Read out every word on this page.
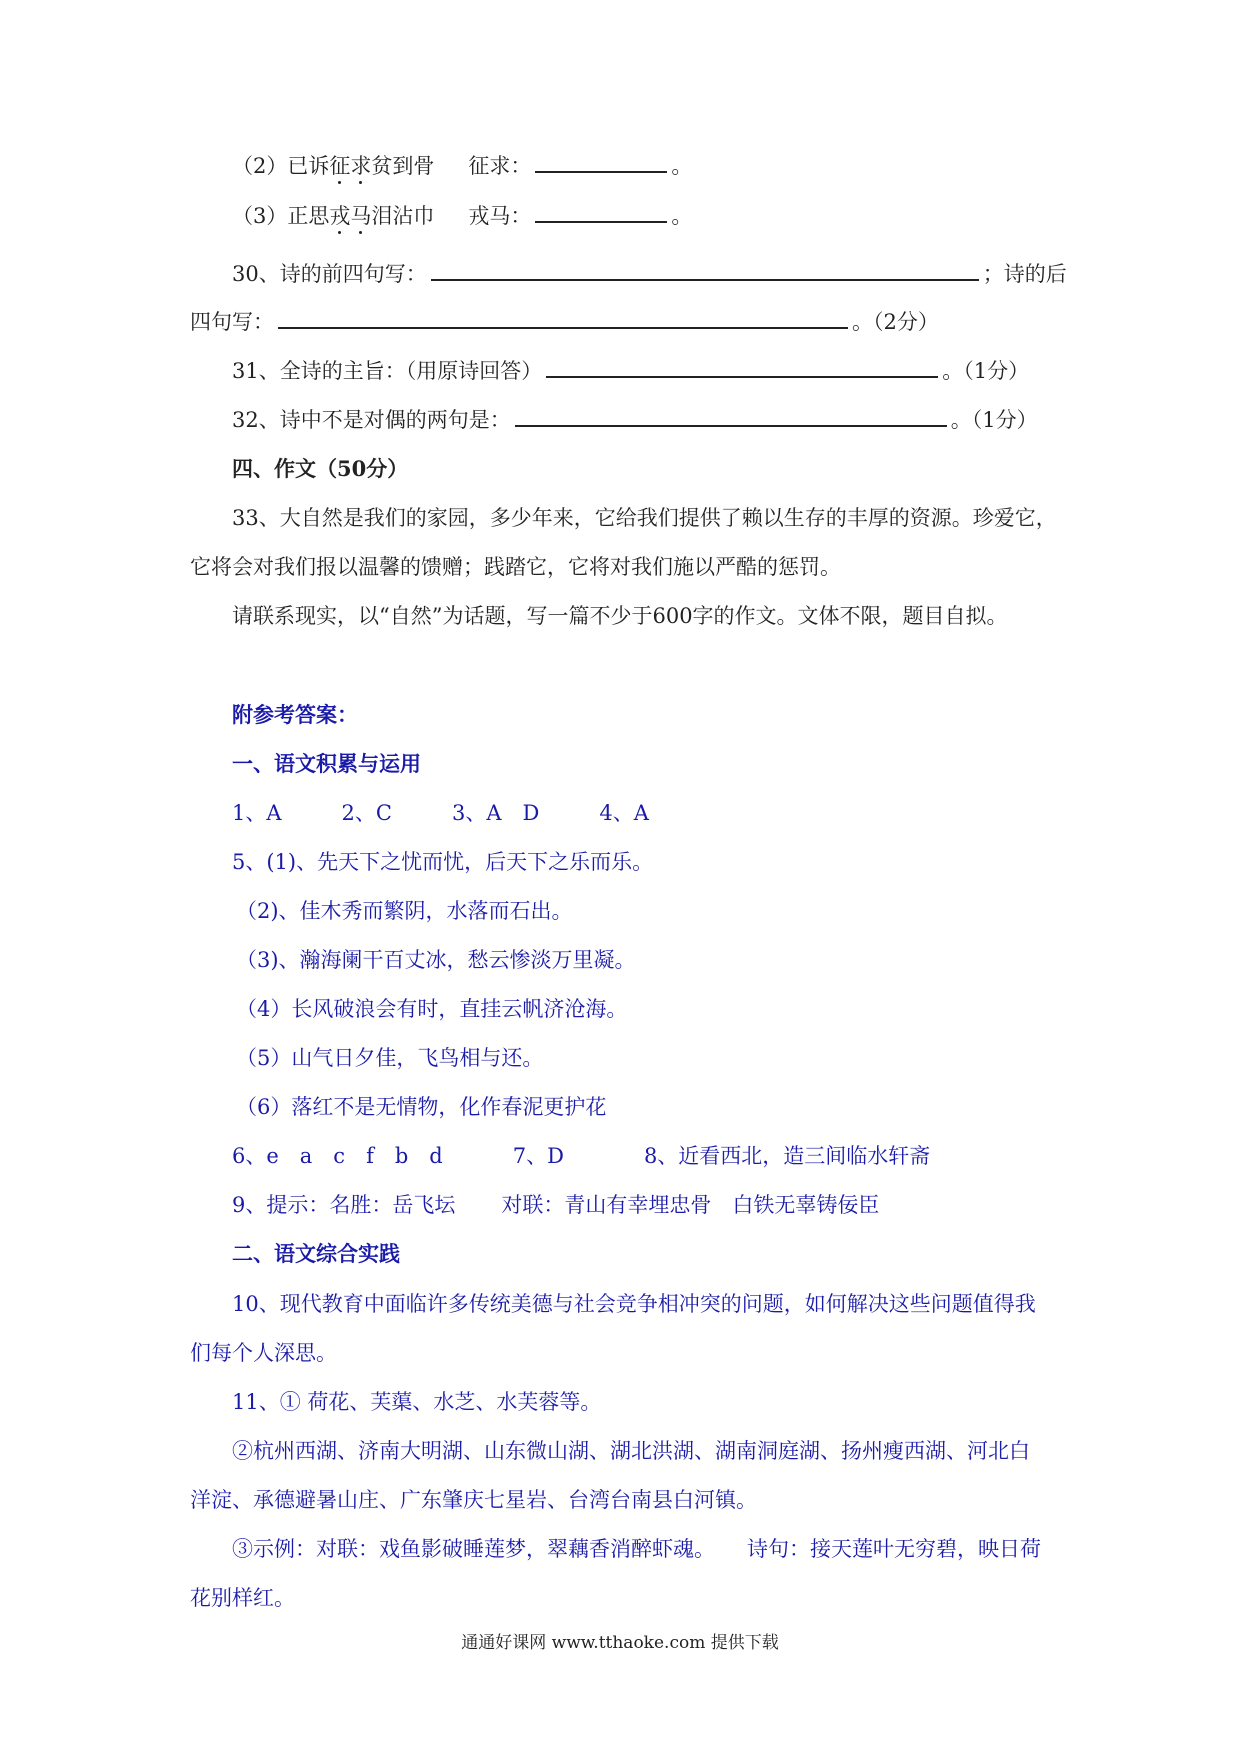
（2）已诉征求贫到骨 征求：	。
（3）正思戎马泪沾巾 戎马：	。
30、诗的前四句写：	；诗的后
四句写：	。（2分）
31、全诗的主旨：（用原诗回答）	。（1分）
32、诗中不是对偶的两句是：	。（1分）
四、作文（50分）
33、大自然是我们的家园，多少年来，它给我们提供了赖以生存的丰厚的资源。珍爱它，
它将会对我们报以温馨的馈赠；践踏它，它将对我们施以严酷的惩罚。
请联系现实，以“自然”为话题，写一篇不少于600字的作文。文体不限，题目自拟。
附参考答案：
一、语文积累与运用
1、A	2、C	3、A　D	4、A
5、(1)、先天下之忧而忧，后天下之乐而乐。
（2)、佳木秀而繁阴，水落而石出。
（3)、瀚海阑干百丈冰，愁云惨淡万里凝。
（4）长风破浪会有时，直挂云帆济沧海。
（5）山气日夕佳，飞鸟相与还。
（6）落红不是无情物，化作春泥更护花
6、e　a　c　f　b　d	7、D	8、近看西北，造三间临水轩斋
9、提示：名胜：岳飞坛 对联：青山有幸埋忠骨　白铁无辜铸佞臣
二、语文综合实践
10、现代教育中面临许多传统美德与社会竞争相冲突的问题，如何解决这些问题值得我
们每个人深思。
11、① 荷花、芙蕖、水芝、水芙蓉等。
②杭州西湖、济南大明湖、山东微山湖、湖北洪湖、湖南洞庭湖、扬州瘦西湖、河北白
洋淀、承德避暑山庄、广东肇庆七星岩、台湾台南县白河镇。
③示例：对联：戏鱼影破睡莲梦，翠藕香消醉虾魂。 诗句：接天莲叶无穷碧，映日荷
花别样红。
通通好课网 www.tthaoke.com 提供下载
